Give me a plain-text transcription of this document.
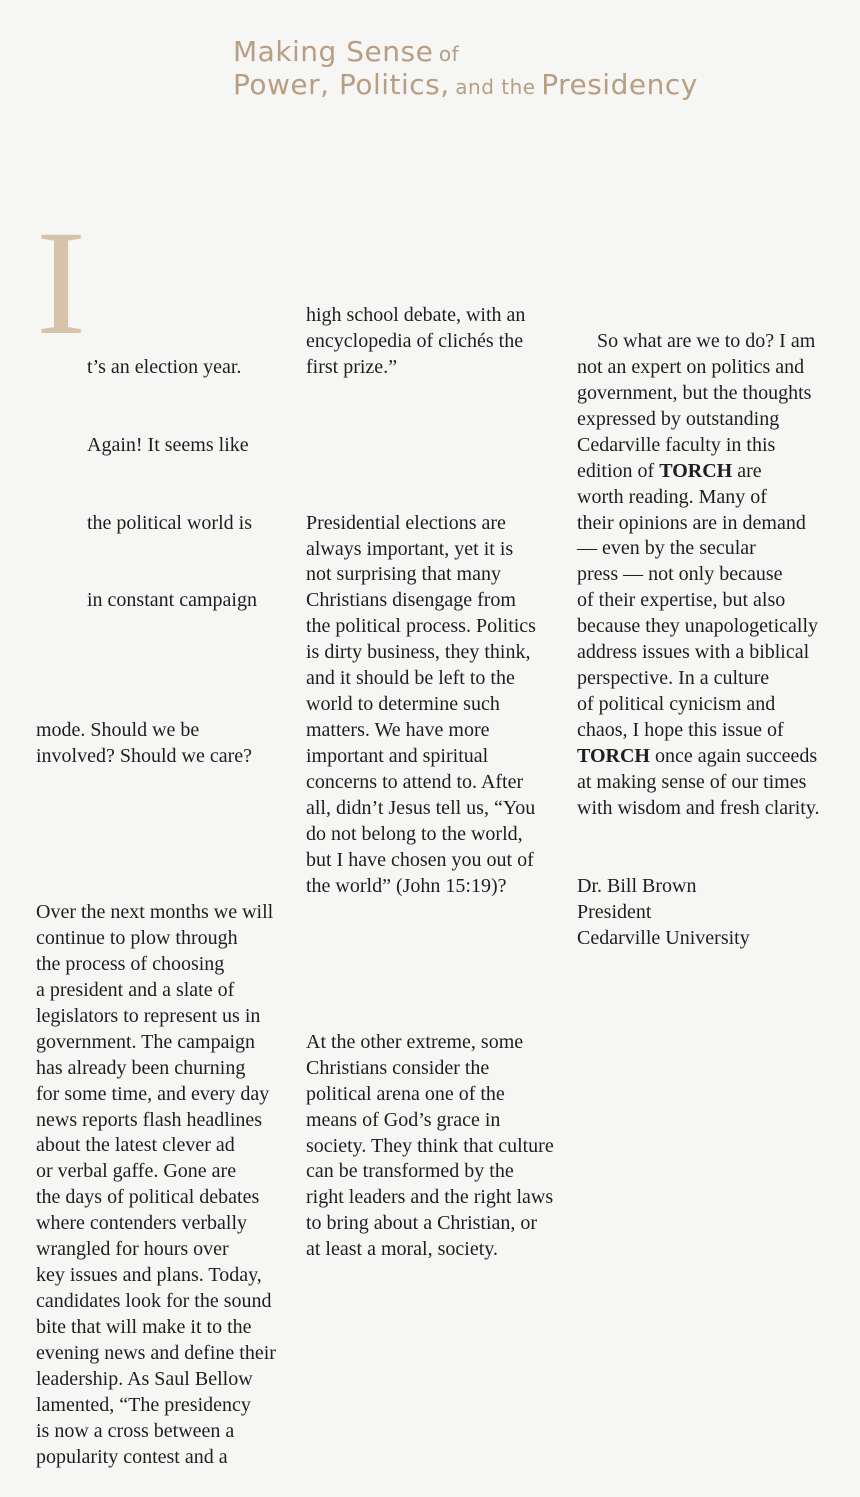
Making Sense of
Power, Politics, and the Presidency
I

t’s an election year.

Again! It seems like

the political world is

in constant campaign

mode. Should we be
involved? Should we care?

Over the next months we will
continue to plow through
the process of choosing
a president and a slate of
legislators to represent us in
government. The campaign
has already been churning
for some time, and every day
news reports flash headlines
about the latest clever ad
or verbal gaffe. Gone are
the days of political debates
where contenders verbally
wrangled for hours over
key issues and plans. Today,
candidates look for the sound
bite that will make it to the
evening news and define their
leadership. As Saul Bellow
lamented, “The presidency
is now a cross between a
popularity contest and a

high school debate, with an
encyclopedia of clichés the
first prize.”

Presidential elections are
always important, yet it is
not surprising that many
Christians disengage from
the political process. Politics
is dirty business, they think,
and it should be left to the
world to determine such
matters. We have more
important and spiritual
concerns to attend to. After
all, didn’t Jesus tell us, “You
do not belong to the world,
but I have chosen you out of
the world” (John 15:19)?

At the other extreme, some
Christians consider the
political arena one of the
means of God’s grace in
society. They think that culture
can be transformed by the
right leaders and the right laws
to bring about a Christian, or
at least a moral, society.

So what are we to do? I am
not an expert on politics and
government, but the thoughts
expressed by outstanding
Cedarville faculty in this
edition of TORCH are
worth reading. Many of
their opinions are in demand
— even by the secular
press — not only because
of their expertise, but also
because they unapologetically
address issues with a biblical
perspective. In a culture
of political cynicism and
chaos, I hope this issue of
TORCH once again succeeds
at making sense of our times
with wisdom and fresh clarity.

Dr. Bill Brown
President
Cedarville University
